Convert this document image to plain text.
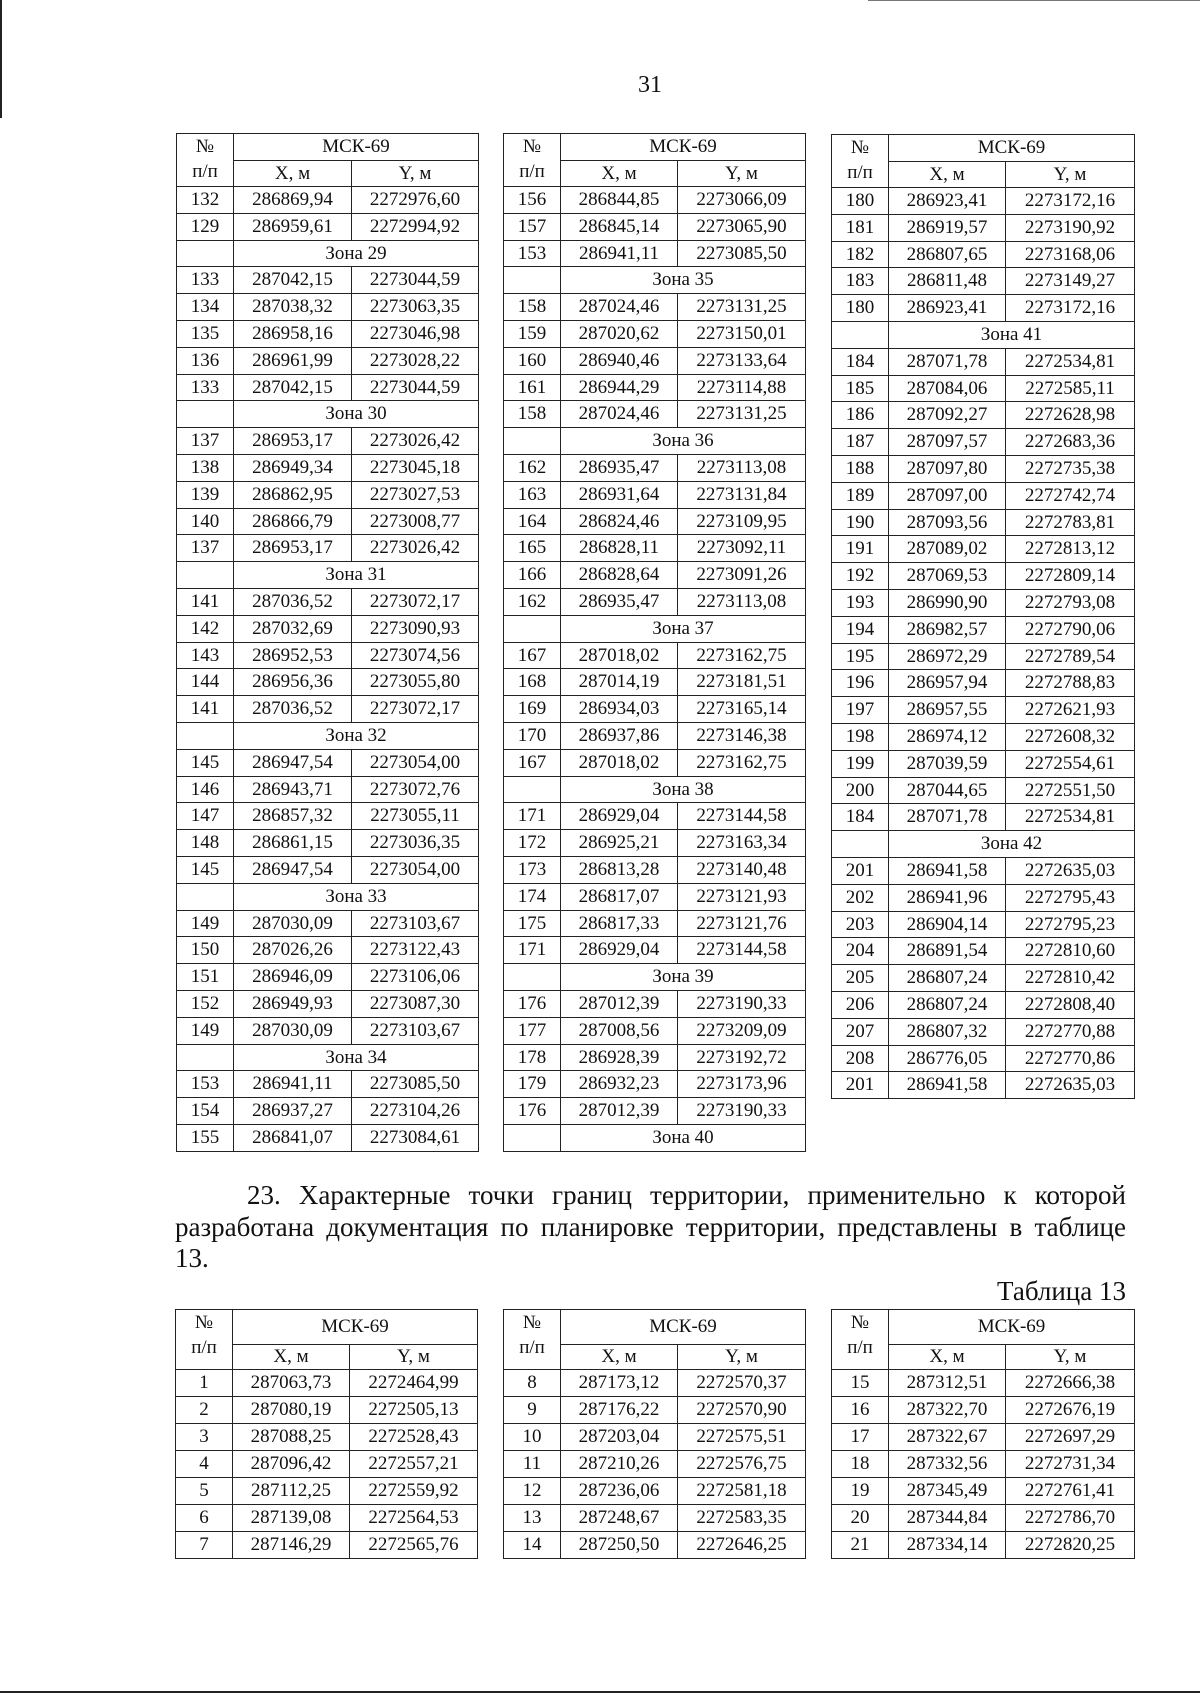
31
№
п/п	МСК-69	
	X, м	Y, м
132	286869,94	2272976,60
129	286959,61	2272994,92
	Зона 29	
133	287042,15	2273044,59
134	287038,32	2273063,35
135	286958,16	2273046,98
136	286961,99	2273028,22
133	287042,15	2273044,59
	Зона 30	
137	286953,17	2273026,42
138	286949,34	2273045,18
139	286862,95	2273027,53
140	286866,79	2273008,77
137	286953,17	2273026,42
	Зона 31	
141	287036,52	2273072,17
142	287032,69	2273090,93
143	286952,53	2273074,56
144	286956,36	2273055,80
141	287036,52	2273072,17
	Зона 32	
145	286947,54	2273054,00
146	286943,71	2273072,76
147	286857,32	2273055,11
148	286861,15	2273036,35
145	286947,54	2273054,00
	Зона 33	
149	287030,09	2273103,67
150	287026,26	2273122,43
151	286946,09	2273106,06
152	286949,93	2273087,30
149	287030,09	2273103,67
	Зона 34	
153	286941,11	2273085,50
154	286937,27	2273104,26
155	286841,07	2273084,61
№
п/п	МСК-69	
	X, м	Y, м
156	286844,85	2273066,09
157	286845,14	2273065,90
153	286941,11	2273085,50
	Зона 35	
158	287024,46	2273131,25
159	287020,62	2273150,01
160	286940,46	2273133,64
161	286944,29	2273114,88
158	287024,46	2273131,25
	Зона 36	
162	286935,47	2273113,08
163	286931,64	2273131,84
164	286824,46	2273109,95
165	286828,11	2273092,11
166	286828,64	2273091,26
162	286935,47	2273113,08
	Зона 37	
167	287018,02	2273162,75
168	287014,19	2273181,51
169	286934,03	2273165,14
170	286937,86	2273146,38
167	287018,02	2273162,75
	Зона 38	
171	286929,04	2273144,58
172	286925,21	2273163,34
173	286813,28	2273140,48
174	286817,07	2273121,93
175	286817,33	2273121,76
171	286929,04	2273144,58
	Зона 39	
176	287012,39	2273190,33
177	287008,56	2273209,09
178	286928,39	2273192,72
179	286932,23	2273173,96
176	287012,39	2273190,33
	Зона 40	
№
п/п	МСК-69	
	X, м	Y, м
180	286923,41	2273172,16
181	286919,57	2273190,92
182	286807,65	2273168,06
183	286811,48	2273149,27
180	286923,41	2273172,16
	Зона 41	
184	287071,78	2272534,81
185	287084,06	2272585,11
186	287092,27	2272628,98
187	287097,57	2272683,36
188	287097,80	2272735,38
189	287097,00	2272742,74
190	287093,56	2272783,81
191	287089,02	2272813,12
192	287069,53	2272809,14
193	286990,90	2272793,08
194	286982,57	2272790,06
195	286972,29	2272789,54
196	286957,94	2272788,83
197	286957,55	2272621,93
198	286974,12	2272608,32
199	287039,59	2272554,61
200	287044,65	2272551,50
184	287071,78	2272534,81
	Зона 42	
201	286941,58	2272635,03
202	286941,96	2272795,43
203	286904,14	2272795,23
204	286891,54	2272810,60
205	286807,24	2272810,42
206	286807,24	2272808,40
207	286807,32	2272770,88
208	286776,05	2272770,86
201	286941,58	2272635,03
23. Характерные точки границ территории, применительно к которой разработана документация по планировке территории, представлены в таблице 13.
Таблица 13
№
п/п	МСК-69	
	X, м	Y, м
1	287063,73	2272464,99
2	287080,19	2272505,13
3	287088,25	2272528,43
4	287096,42	2272557,21
5	287112,25	2272559,92
6	287139,08	2272564,53
7	287146,29	2272565,76
№
п/п	МСК-69	
	X, м	Y, м
8	287173,12	2272570,37
9	287176,22	2272570,90
10	287203,04	2272575,51
11	287210,26	2272576,75
12	287236,06	2272581,18
13	287248,67	2272583,35
14	287250,50	2272646,25
№
п/п	МСК-69	
	X, м	Y, м
15	287312,51	2272666,38
16	287322,70	2272676,19
17	287322,67	2272697,29
18	287332,56	2272731,34
19	287345,49	2272761,41
20	287344,84	2272786,70
21	287334,14	2272820,25
